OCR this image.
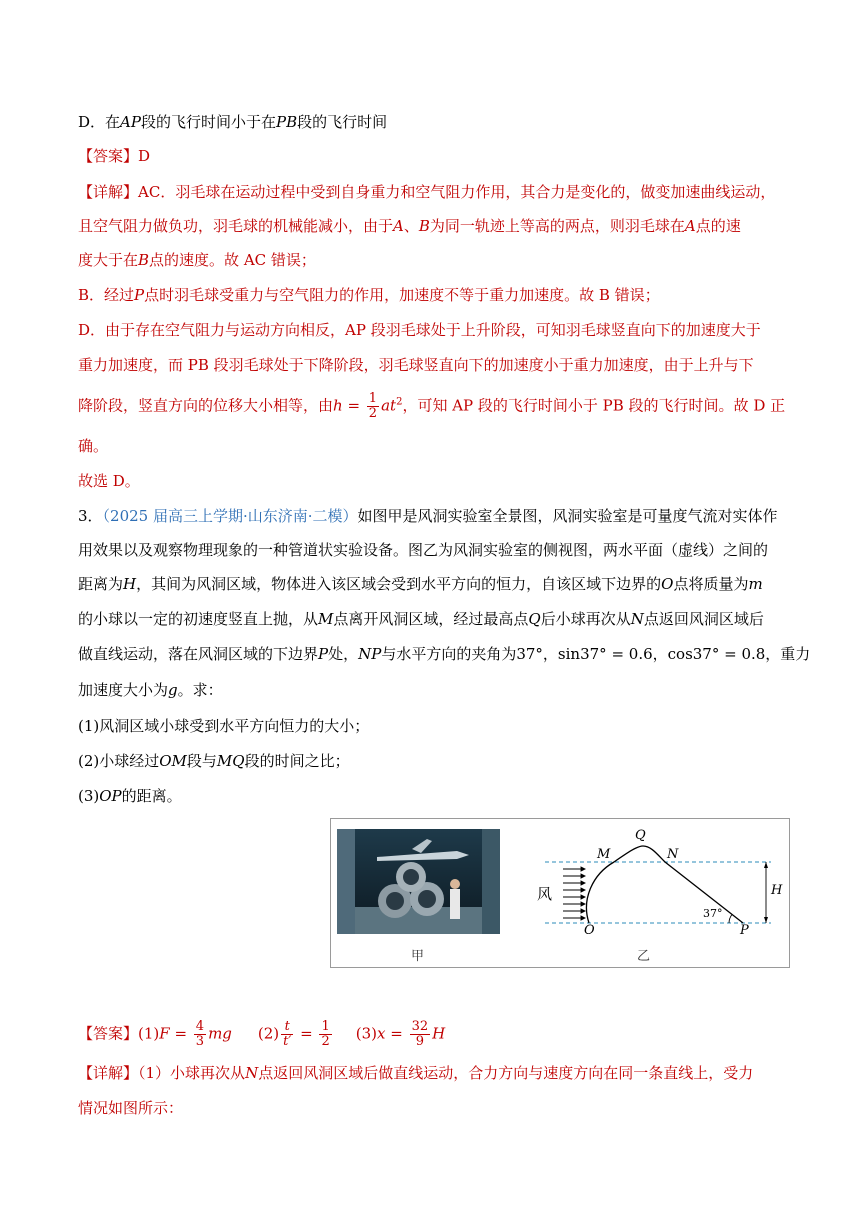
D．在AP段的飞行时间小于在PB段的飞行时间
【答案】D
【详解】AC．羽毛球在运动过程中受到自身重力和空气阻力作用，其合力是变化的，做变加速曲线运动，
且空气阻力做负功，羽毛球的机械能减小，由于A、B为同一轨迹上等高的两点，则羽毛球在A点的速
度大于在B点的速度。故 AC 错误；
B．经过P点时羽毛球受重力与空气阻力的作用，加速度不等于重力加速度。故 B 错误；
D．由于存在空气阻力与运动方向相反，AP 段羽毛球处于上升阶段，可知羽毛球竖直向下的加速度大于
重力加速度，而 PB 段羽毛球处于下降阶段，羽毛球竖直向下的加速度小于重力加速度，由于上升与下
降阶段，竖直方向的位移大小相等，由$h = \frac{1}{2} at^2$，可知 AP 段的飞行时间小于 PB 段的飞行时间。故 D 正
确。
故选 D。
3．（2025 届高三上学期·山东济南·二模）如图甲是风洞实验室全景图，风洞实验室是可量度气流对实体作
用效果以及观察物理现象的一种管道状实验设备。图乙为风洞实验室的侧视图，两水平面（虚线）之间的
距离为H，其间为风洞区域，物体进入该区域会受到水平方向的恒力，自该区域下边界的O点将质量为m
的小球以一定的初速度竖直上抛，从M点离开风洞区域，经过最高点Q后小球再次从N点返回风洞区域后
做直线运动，落在风洞区域的下边界P处，NP与水平方向的夹角为37°，sin37° = 0.6，cos37° = 0.8，重力
加速度大小为g。求：
(1)风洞区域小球受到水平方向恒力的大小；
(2)小球经过OM段与MQ段的时间之比；
(3)OP的距离。
甲	乙
风
M
Q
N
O	P
H
37°
【答案】$(1)F = \frac{4}{3}$ mg $(2) \frac{t}{t'} = \frac{1}{2} (3)x = \frac{32}{9}$ H
【详解】（1）小球再次从N点返回风洞区域后做直线运动，合力方向与速度方向在同一条直线上，受力
情况如图所示：
